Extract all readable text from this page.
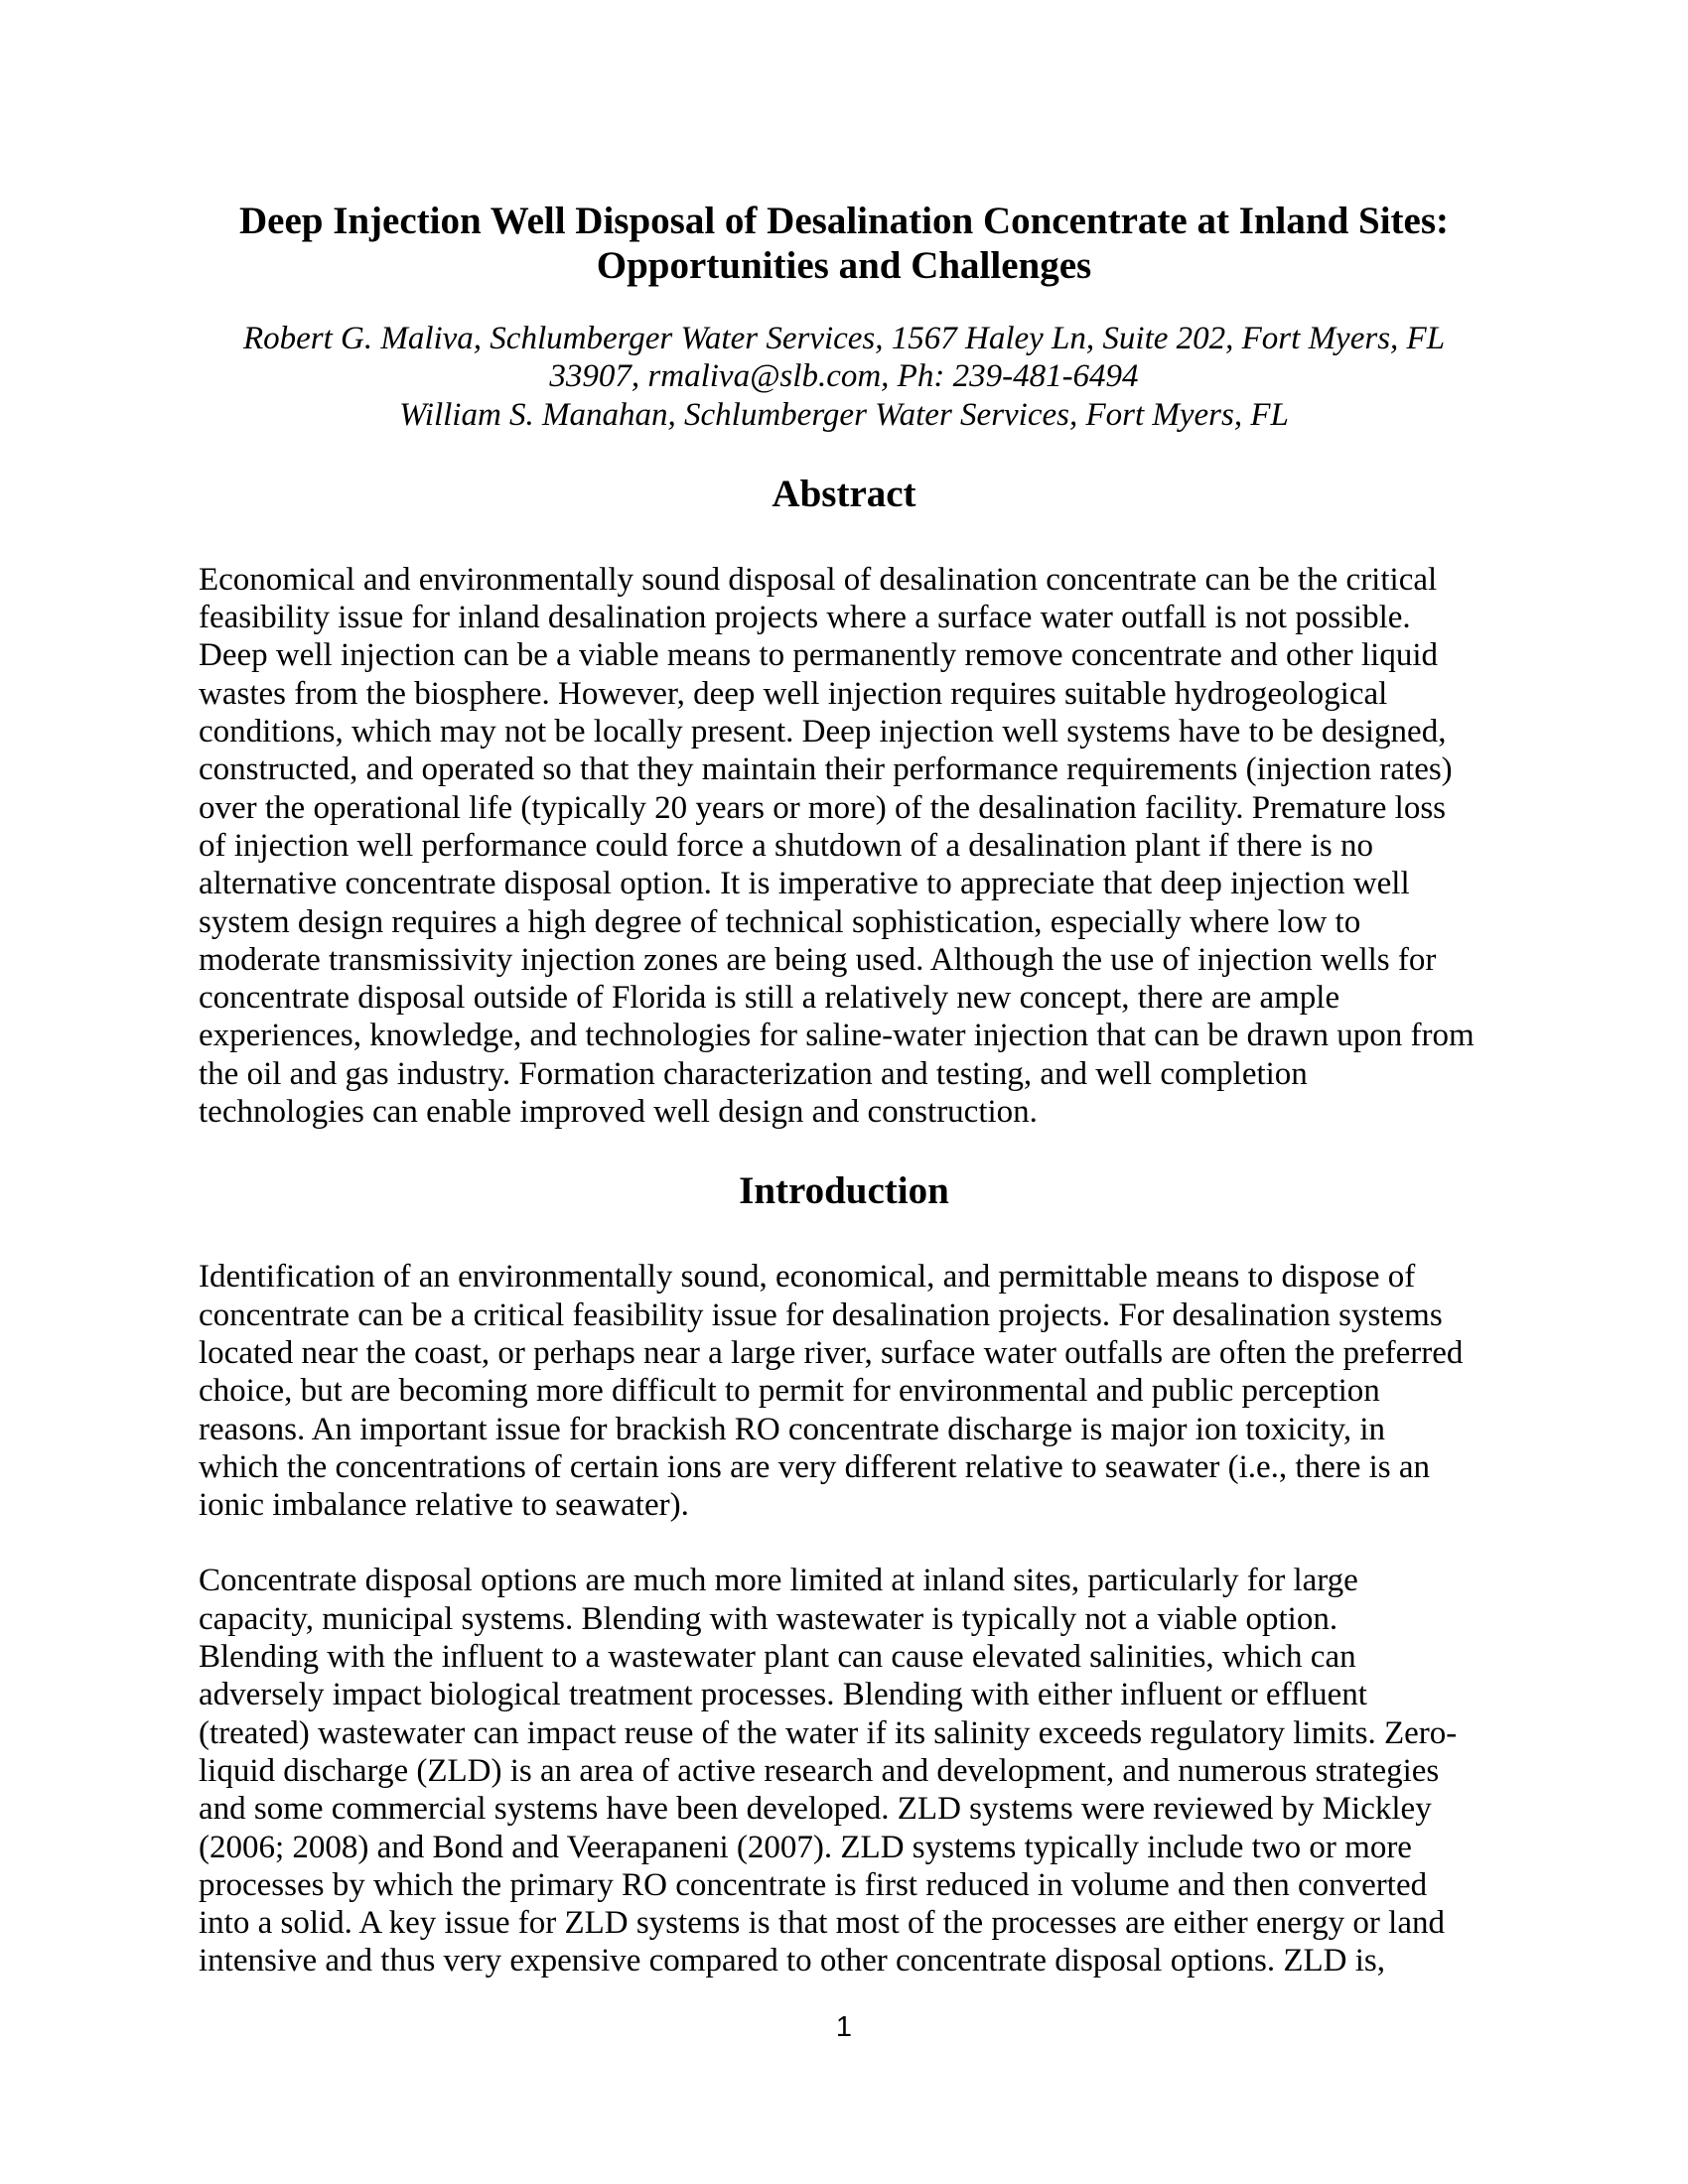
Deep Injection Well Disposal of Desalination Concentrate at Inland Sites:
Opportunities and Challenges
Robert G. Maliva, Schlumberger Water Services, 1567 Haley Ln, Suite 202, Fort Myers, FL
33907, rmaliva@slb.com, Ph: 239-481-6494
William S. Manahan, Schlumberger Water Services, Fort Myers, FL
Abstract
Economical and environmentally sound disposal of desalination concentrate can be the critical
feasibility issue for inland desalination projects where a surface water outfall is not possible.
Deep well injection can be a viable means to permanently remove concentrate and other liquid
wastes from the biosphere. However, deep well injection requires suitable hydrogeological
conditions, which may not be locally present. Deep injection well systems have to be designed,
constructed, and operated so that they maintain their performance requirements (injection rates)
over the operational life (typically 20 years or more) of the desalination facility. Premature loss
of injection well performance could force a shutdown of a desalination plant if there is no
alternative concentrate disposal option. It is imperative to appreciate that deep injection well
system design requires a high degree of technical sophistication, especially where low to
moderate transmissivity injection zones are being used. Although the use of injection wells for
concentrate disposal outside of Florida is still a relatively new concept, there are ample
experiences, knowledge, and technologies for saline-water injection that can be drawn upon from
the oil and gas industry. Formation characterization and testing, and well completion
technologies can enable improved well design and construction.
Introduction
Identification of an environmentally sound, economical, and permittable means to dispose of
concentrate can be a critical feasibility issue for desalination projects. For desalination systems
located near the coast, or perhaps near a large river, surface water outfalls are often the preferred
choice, but are becoming more difficult to permit for environmental and public perception
reasons. An important issue for brackish RO concentrate discharge is major ion toxicity, in
which the concentrations of certain ions are very different relative to seawater (i.e., there is an
ionic imbalance relative to seawater).
Concentrate disposal options are much more limited at inland sites, particularly for large
capacity, municipal systems. Blending with wastewater is typically not a viable option.
Blending with the influent to a wastewater plant can cause elevated salinities, which can
adversely impact biological treatment processes. Blending with either influent or effluent
(treated) wastewater can impact reuse of the water if its salinity exceeds regulatory limits. Zero-
liquid discharge (ZLD) is an area of active research and development, and numerous strategies
and some commercial systems have been developed. ZLD systems were reviewed by Mickley
(2006; 2008) and Bond and Veerapaneni (2007). ZLD systems typically include two or more
processes by which the primary RO concentrate is first reduced in volume and then converted
into a solid. A key issue for ZLD systems is that most of the processes are either energy or land
intensive and thus very expensive compared to other concentrate disposal options. ZLD is,
1
